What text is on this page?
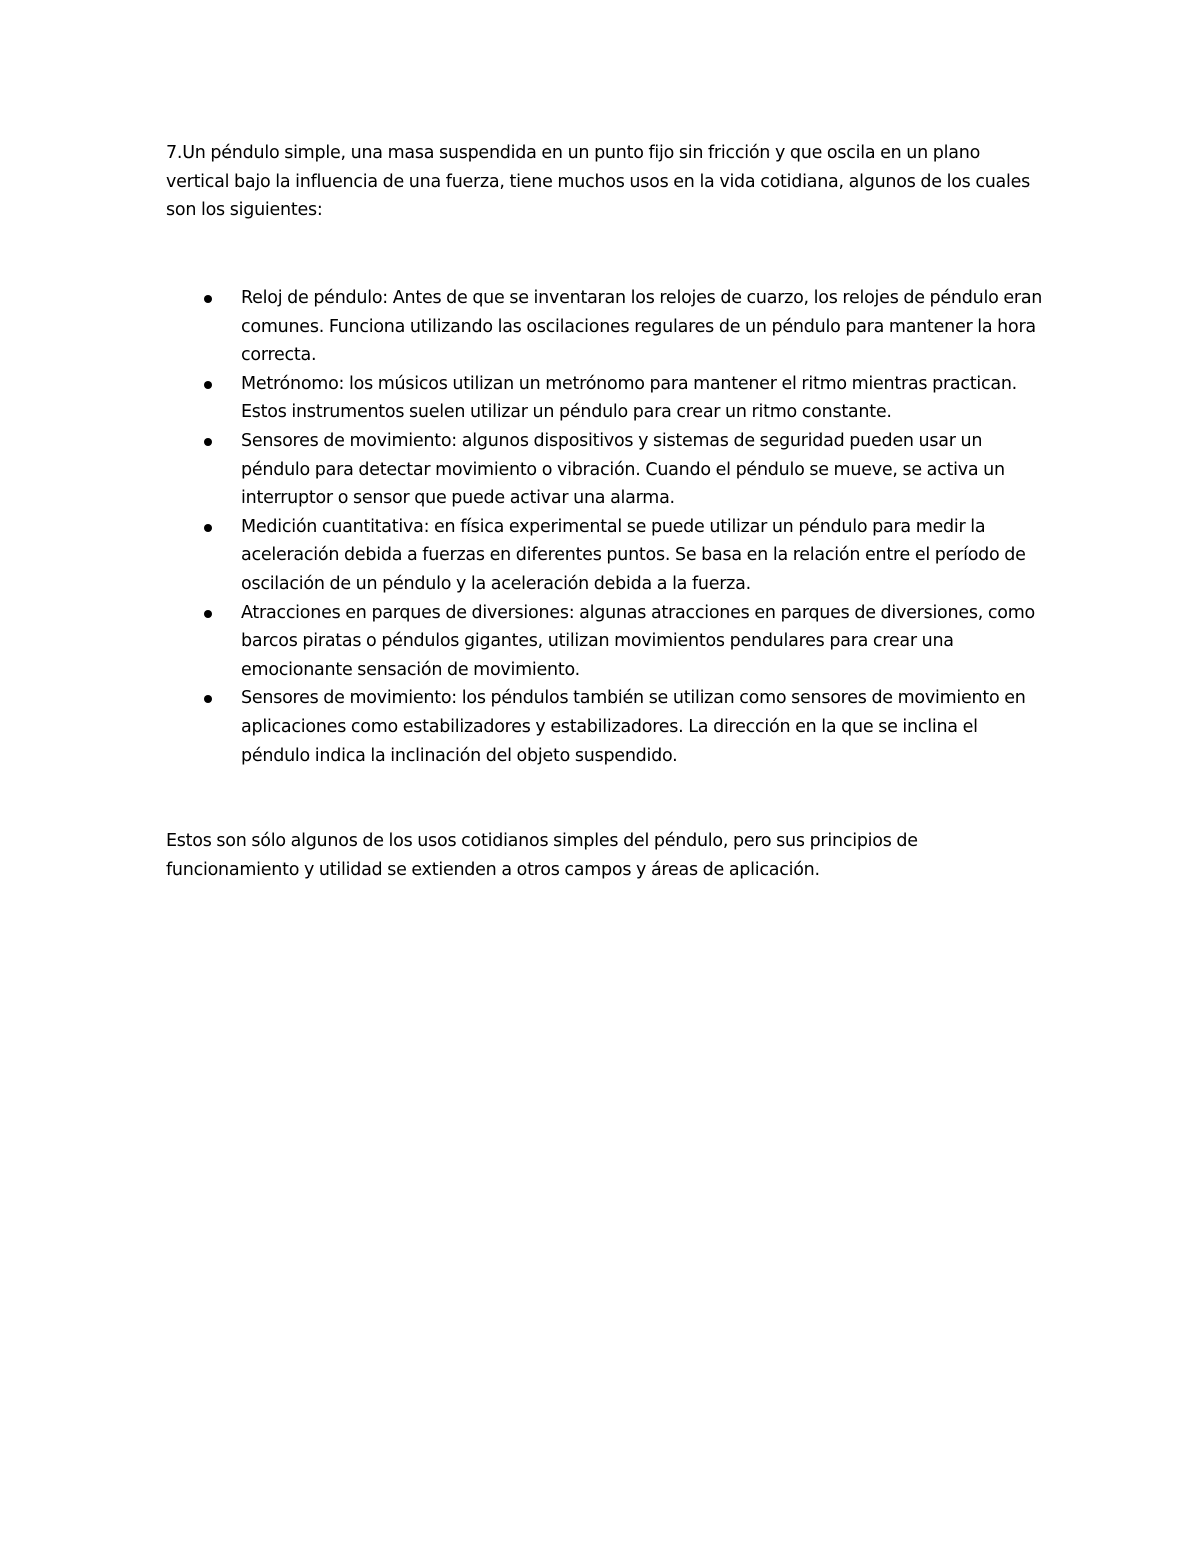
7.Un péndulo simple, una masa suspendida en un punto fijo sin fricción y que oscila en un plano vertical bajo la influencia de una fuerza, tiene muchos usos en la vida cotidiana, algunos de los cuales son los siguientes:

Reloj de péndulo: Antes de que se inventaran los relojes de cuarzo, los relojes de péndulo eran comunes. Funciona utilizando las oscilaciones regulares de un péndulo para mantener la hora correcta.
Metrónomo: los músicos utilizan un metrónomo para mantener el ritmo mientras practican. Estos instrumentos suelen utilizar un péndulo para crear un ritmo constante.
Sensores de movimiento: algunos dispositivos y sistemas de seguridad pueden usar un péndulo para detectar movimiento o vibración. Cuando el péndulo se mueve, se activa un interruptor o sensor que puede activar una alarma.
Medición cuantitativa: en física experimental se puede utilizar un péndulo para medir la aceleración debida a fuerzas en diferentes puntos. Se basa en la relación entre el período de oscilación de un péndulo y la aceleración debida a la fuerza.
Atracciones en parques de diversiones: algunas atracciones en parques de diversiones, como barcos piratas o péndulos gigantes, utilizan movimientos pendulares para crear una emocionante sensación de movimiento.
Sensores de movimiento: los péndulos también se utilizan como sensores de movimiento en aplicaciones como estabilizadores y estabilizadores. La dirección en la que se inclina el péndulo indica la inclinación del objeto suspendido.

Estos son sólo algunos de los usos cotidianos simples del péndulo, pero sus principios de funcionamiento y utilidad se extienden a otros campos y áreas de aplicación.
